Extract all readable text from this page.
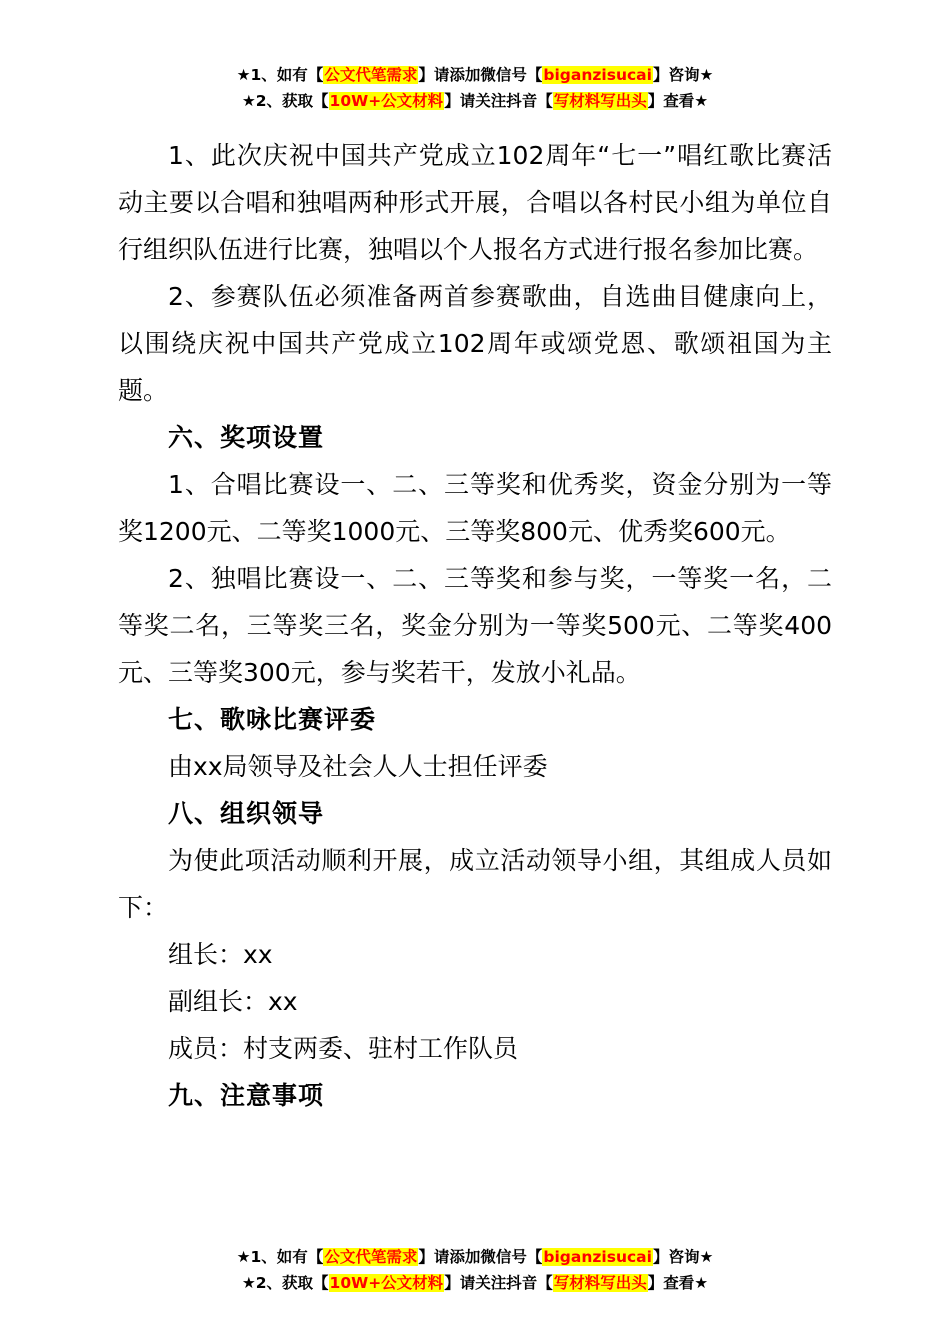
★1、如有【公文代笔需求】请添加微信号【biganzisucai】咨询★
★2、获取【10W+公文材料】请关注抖音【写材料写出头】查看★

1、此次庆祝中国共产党成立102周年“七一”唱红歌比赛活动主要以合唱和独唱两种形式开展，合唱以各村民小组为单位自行组织队伍进行比赛，独唱以个人报名方式进行报名参加比赛。

2、参赛队伍必须准备两首参赛歌曲，自选曲目健康向上，以围绕庆祝中国共产党成立102周年或颂党恩、歌颂祖国为主题。

六、奖项设置

1、合唱比赛设一、二、三等奖和优秀奖，资金分别为一等奖1200元、二等奖1000元、三等奖800元、优秀奖600元。

2、独唱比赛设一、二、三等奖和参与奖，一等奖一名，二等奖二名，三等奖三名，奖金分别为一等奖500元、二等奖400元、三等奖300元，参与奖若干，发放小礼品。

七、歌咏比赛评委

由xx局领导及社会人人士担任评委

八、组织领导

为使此项活动顺利开展，成立活动领导小组，其组成人员如下：

组长：xx

副组长：xx

成员：村支两委、驻村工作队员

九、注意事项

★1、如有【公文代笔需求】请添加微信号【biganzisucai】咨询★
★2、获取【10W+公文材料】请关注抖音【写材料写出头】查看★
